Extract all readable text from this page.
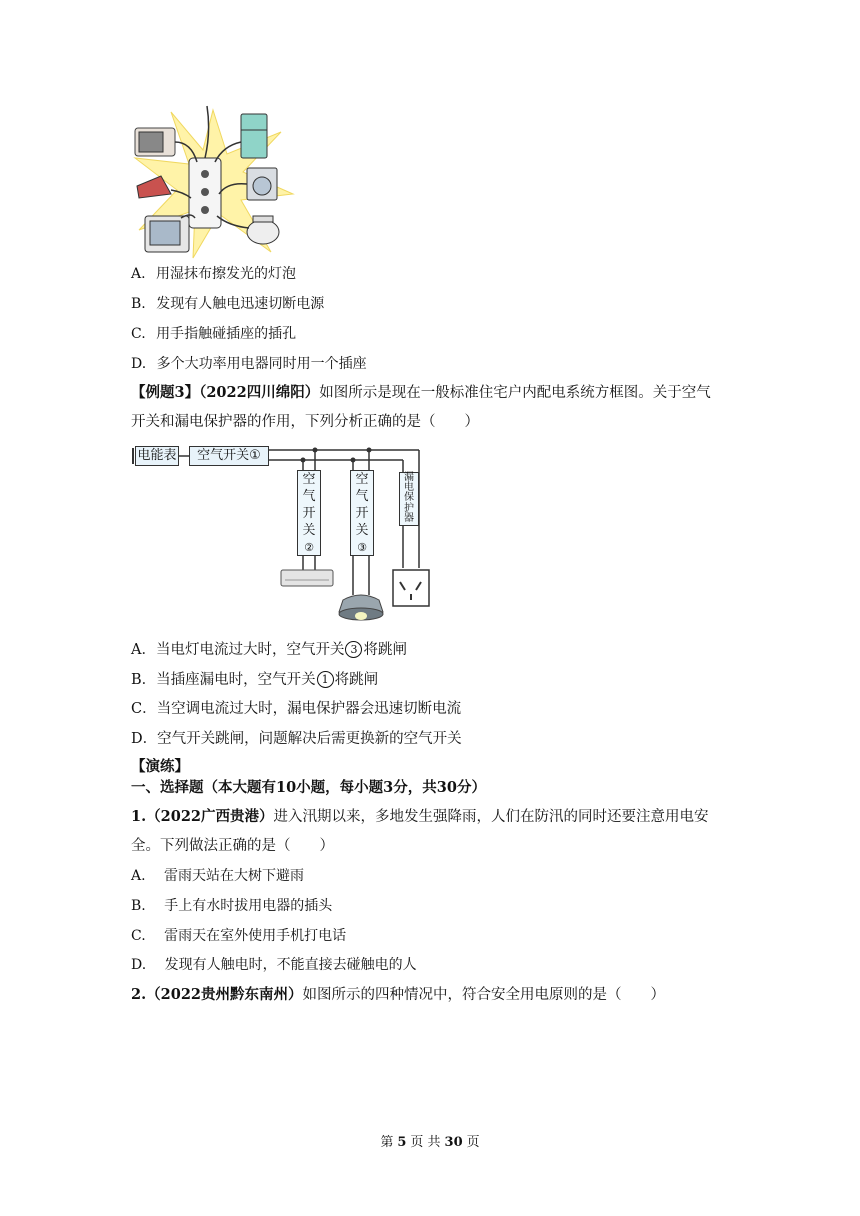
A. 用湿抹布擦发光的灯泡
B. 发现有人触电迅速切断电源
C. 用手指触碰插座的插孔
D. 多个大功率用电器同时用一个插座
【例题3】（2022四川绵阳）如图所示是现在一般标准住宅户内配电系统方框图。关于空气
开关和漏电保护器的作用，下列分析正确的是（　　）
电能表	空气开关①
空
气
开
关
②
空
气
开
关
③
漏
电
保
护
器
A．当电灯电流过大时，空气开关 3 将跳闸
B．当插座漏电时，空气开关 1 将跳闸
C．当空调电流过大时，漏电保护器会迅速切断电流
D．空气开关跳闸，问题解决后需更换新的空气开关
【演练】
一、选择题（本大题有10小题，每小题3分，共30分）
1.（2022广西贵港）进入汛期以来，多地发生强降雨，人们在防汛的同时还要注意用电安
全。下列做法正确的是（　　）
A. 雷雨天站在大树下避雨
B. 手上有水时拔用电器的插头
C. 雷雨天在室外使用手机打电话
D. 发现有人触电时，不能直接去碰触电的人
2.（2022贵州黔东南州）如图所示的四种情况中，符合安全用电原则的是（　　）
第 5 页 共 30 页
